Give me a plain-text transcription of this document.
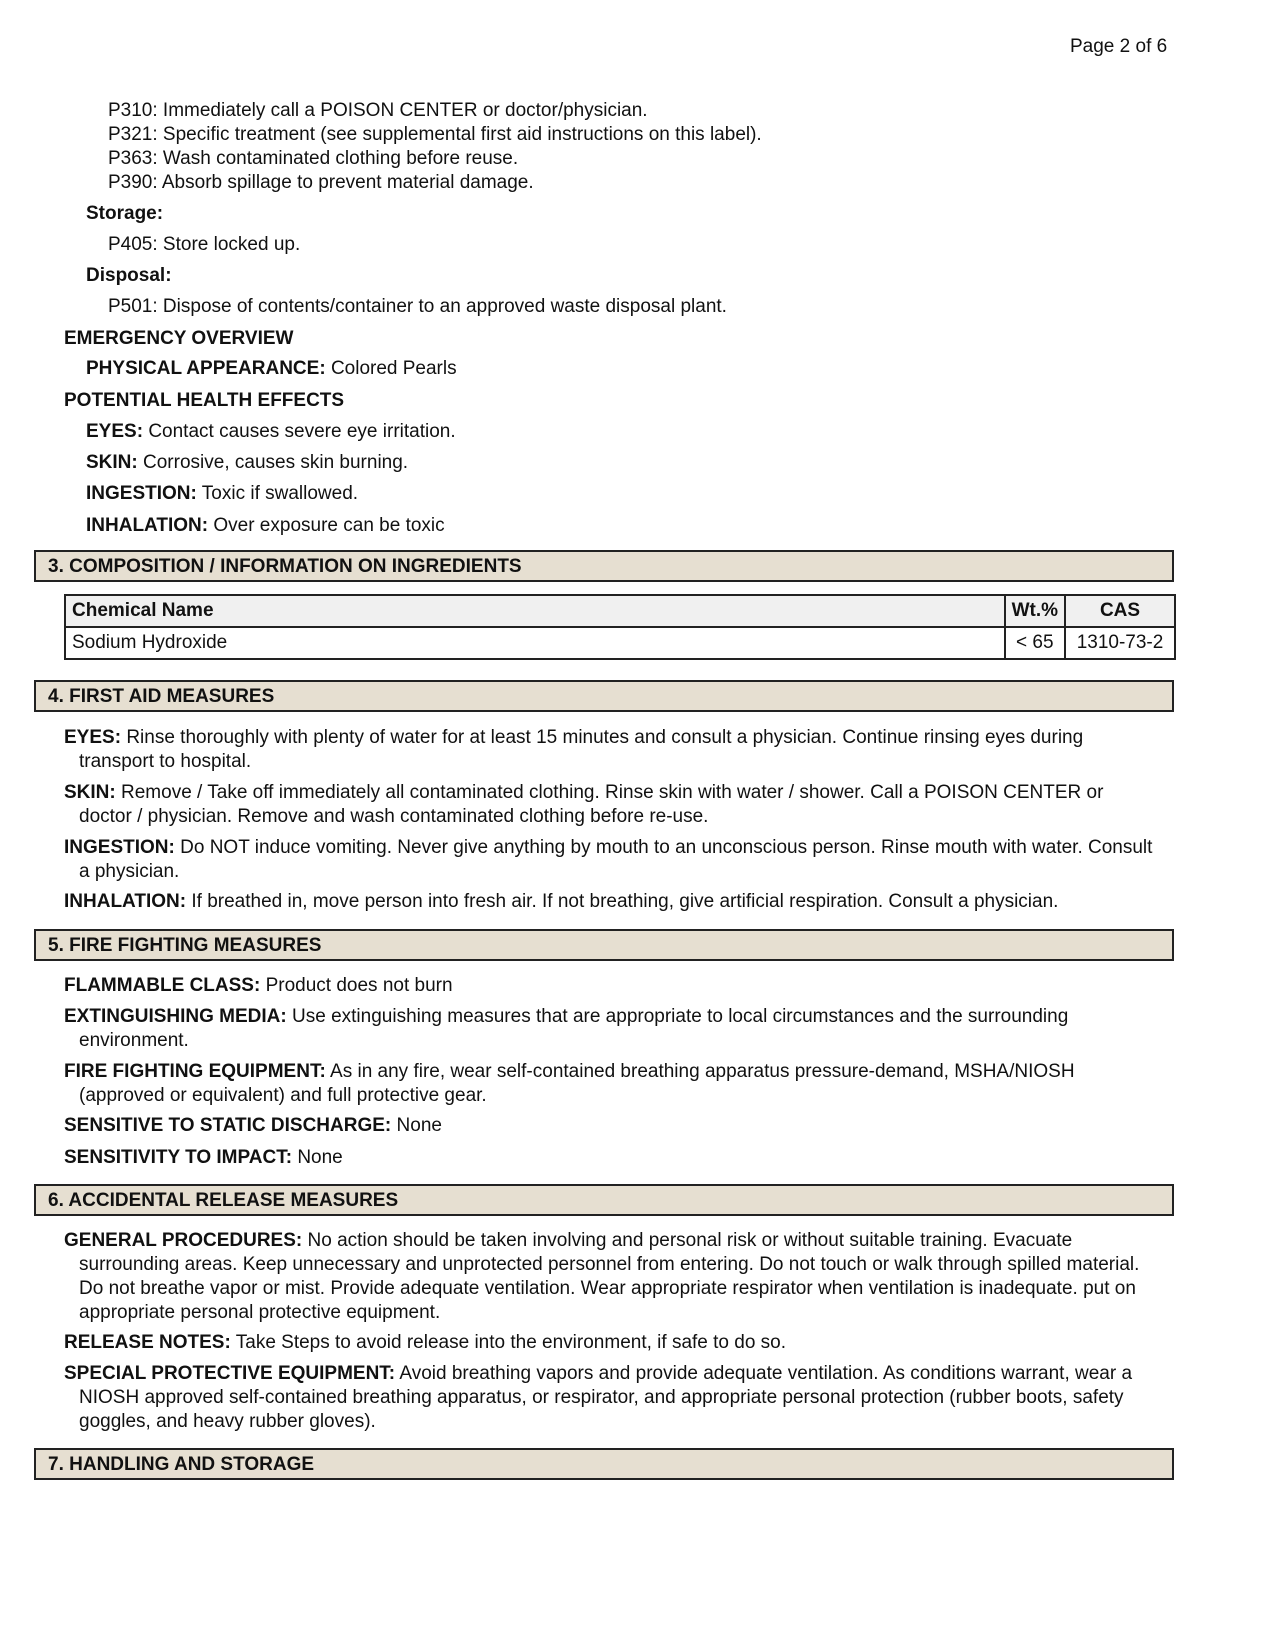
Page 2 of 6
P310: Immediately call a POISON CENTER or doctor/physician.
P321: Specific treatment (see supplemental first aid instructions on this label).
P363: Wash contaminated clothing before reuse.
P390: Absorb spillage to prevent material damage.
Storage:
P405: Store locked up.
Disposal:
P501: Dispose of contents/container to an approved waste disposal plant.
EMERGENCY OVERVIEW
PHYSICAL APPEARANCE: Colored Pearls
POTENTIAL HEALTH EFFECTS
EYES: Contact causes severe eye irritation.
SKIN: Corrosive, causes skin burning.
INGESTION: Toxic if swallowed.
INHALATION: Over exposure can be toxic
3. COMPOSITION / INFORMATION ON INGREDIENTS
Chemical Name	Wt.%	CAS
Sodium Hydroxide	< 65	1310-73-2
4. FIRST AID MEASURES
EYES: Rinse thoroughly with plenty of water for at least 15 minutes and consult a physician. Continue rinsing eyes during
transport to hospital.
SKIN: Remove / Take off immediately all contaminated clothing. Rinse skin with water / shower. Call a POISON CENTER or
doctor / physician. Remove and wash contaminated clothing before re-use.
INGESTION: Do NOT induce vomiting. Never give anything by mouth to an unconscious person. Rinse mouth with water. Consult
a physician.
INHALATION: If breathed in, move person into fresh air. If not breathing, give artificial respiration. Consult a physician.
5. FIRE FIGHTING MEASURES
FLAMMABLE CLASS: Product does not burn
EXTINGUISHING MEDIA: Use extinguishing measures that are appropriate to local circumstances and the surrounding
environment.
FIRE FIGHTING EQUIPMENT: As in any fire, wear self-contained breathing apparatus pressure-demand, MSHA/NIOSH
(approved or equivalent) and full protective gear.
SENSITIVE TO STATIC DISCHARGE: None
SENSITIVITY TO IMPACT: None
6. ACCIDENTAL RELEASE MEASURES
GENERAL PROCEDURES: No action should be taken involving and personal risk or without suitable training. Evacuate
surrounding areas. Keep unnecessary and unprotected personnel from entering. Do not touch or walk through spilled material.
Do not breathe vapor or mist. Provide adequate ventilation. Wear appropriate respirator when ventilation is inadequate. put on
appropriate personal protective equipment.
RELEASE NOTES: Take Steps to avoid release into the environment, if safe to do so.
SPECIAL PROTECTIVE EQUIPMENT: Avoid breathing vapors and provide adequate ventilation. As conditions warrant, wear a
NIOSH approved self-contained breathing apparatus, or respirator, and appropriate personal protection (rubber boots, safety
goggles, and heavy rubber gloves).
7. HANDLING AND STORAGE
